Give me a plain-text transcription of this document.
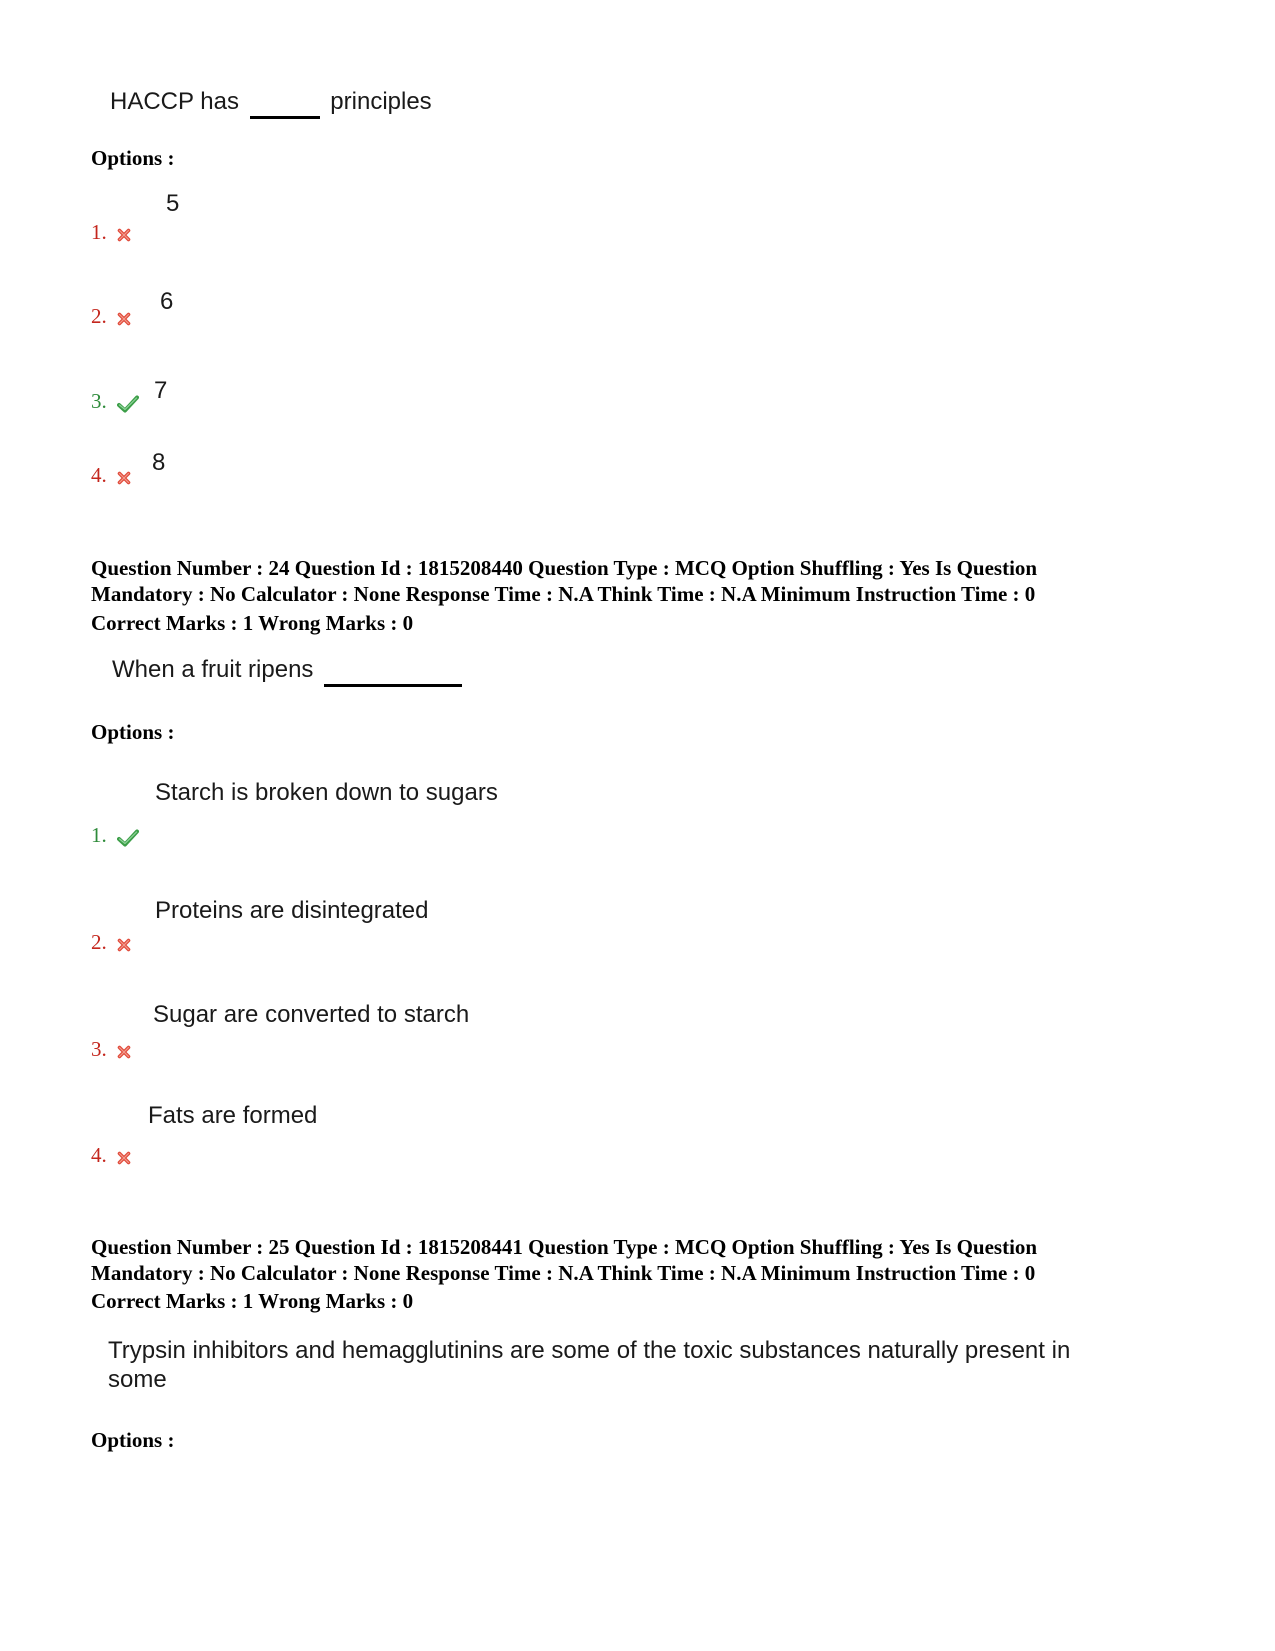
HACCP has	principles
Options :
5
1.
6
2.
7
3.
8
4.
Question Number : 24 Question Id : 1815208440 Question Type : MCQ Option Shuffling : Yes Is Question
Mandatory : No Calculator : None Response Time : N.A Think Time : N.A Minimum Instruction Time : 0
Correct Marks : 1 Wrong Marks : 0
When a fruit ripens
Options :
Starch is broken down to sugars
1.
Proteins are disintegrated
2.
Sugar are converted to starch
3.
Fats are formed
4.
Question Number : 25 Question Id : 1815208441 Question Type : MCQ Option Shuffling : Yes Is Question
Mandatory : No Calculator : None Response Time : N.A Think Time : N.A Minimum Instruction Time : 0
Correct Marks : 1 Wrong Marks : 0
Trypsin inhibitors and hemagglutinins are some of the toxic substances naturally present in
some
Options :
